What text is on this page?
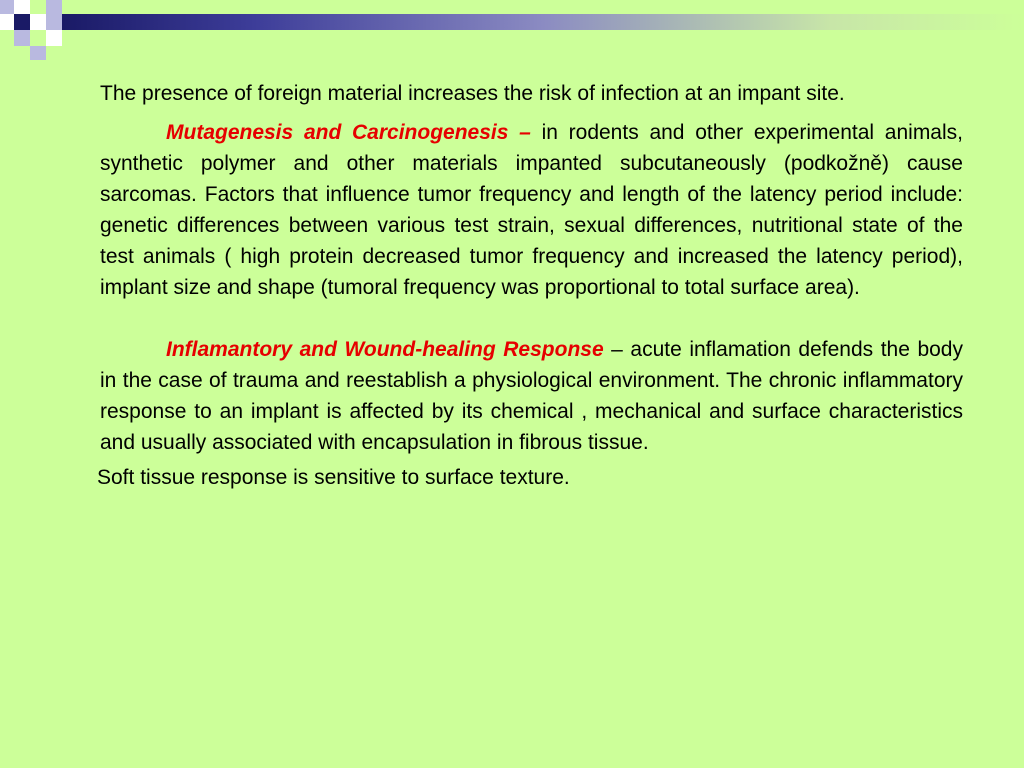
The presence of foreign material increases the risk of infection at an impant site.

Mutagenesis and Carcinogenesis – in rodents and other experimental animals, synthetic polymer and other materials impanted subcutaneously (podkožně) cause sarcomas. Factors that influence tumor frequency and length of the latency period include: genetic differences between various test strain, sexual differences, nutritional state of the test animals ( high protein decreased tumor frequency and increased the latency period), implant size and shape (tumoral frequency was proportional to total surface area).

Inflamantory and Wound-healing Response – acute inflamation defends the body in the case of trauma and reestablish a physiological environment. The chronic inflammatory response to an implant is affected by its chemical , mechanical and surface characteristics and usually associated with encapsulation in fibrous tissue.

Soft tissue response is sensitive to surface texture.
